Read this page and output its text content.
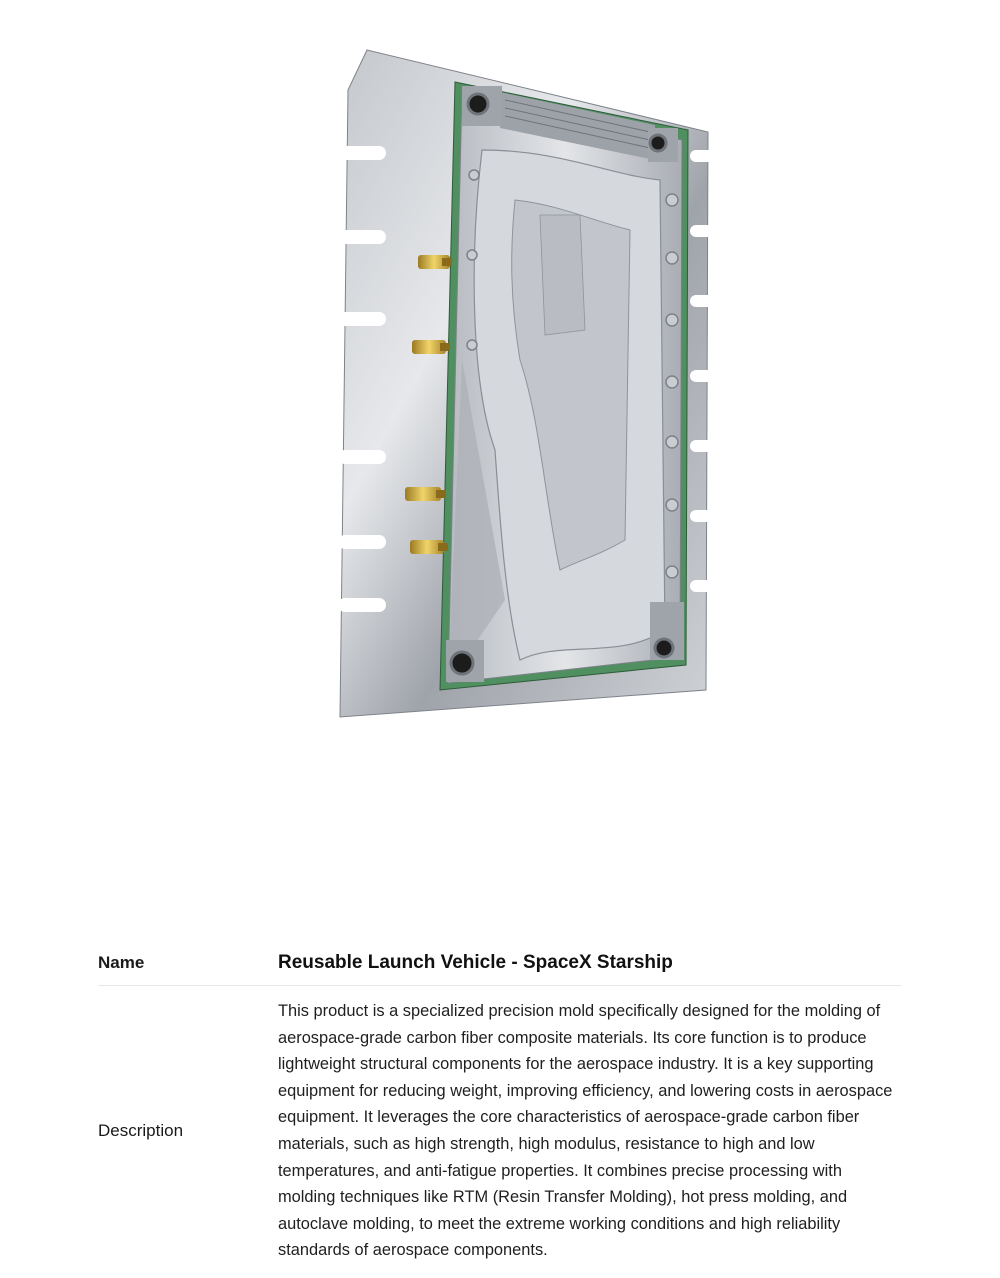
Name	Reusable Launch Vehicle - SpaceX Starship
Description
This product is a specialized precision mold specifically designed for the molding of aerospace-grade carbon fiber composite materials. Its core function is to produce lightweight structural components for the aerospace industry. It is a key supporting equipment for reducing weight, improving efficiency, and lowering costs in aerospace equipment. It leverages the core characteristics of aerospace-grade carbon fiber materials, such as high strength, high modulus, resistance to high and low temperatures, and anti-fatigue properties. It combines precise processing with molding techniques like RTM (Resin Transfer Molding), hot press molding, and autoclave molding, to meet the extreme working conditions and high reliability standards of aerospace components.
